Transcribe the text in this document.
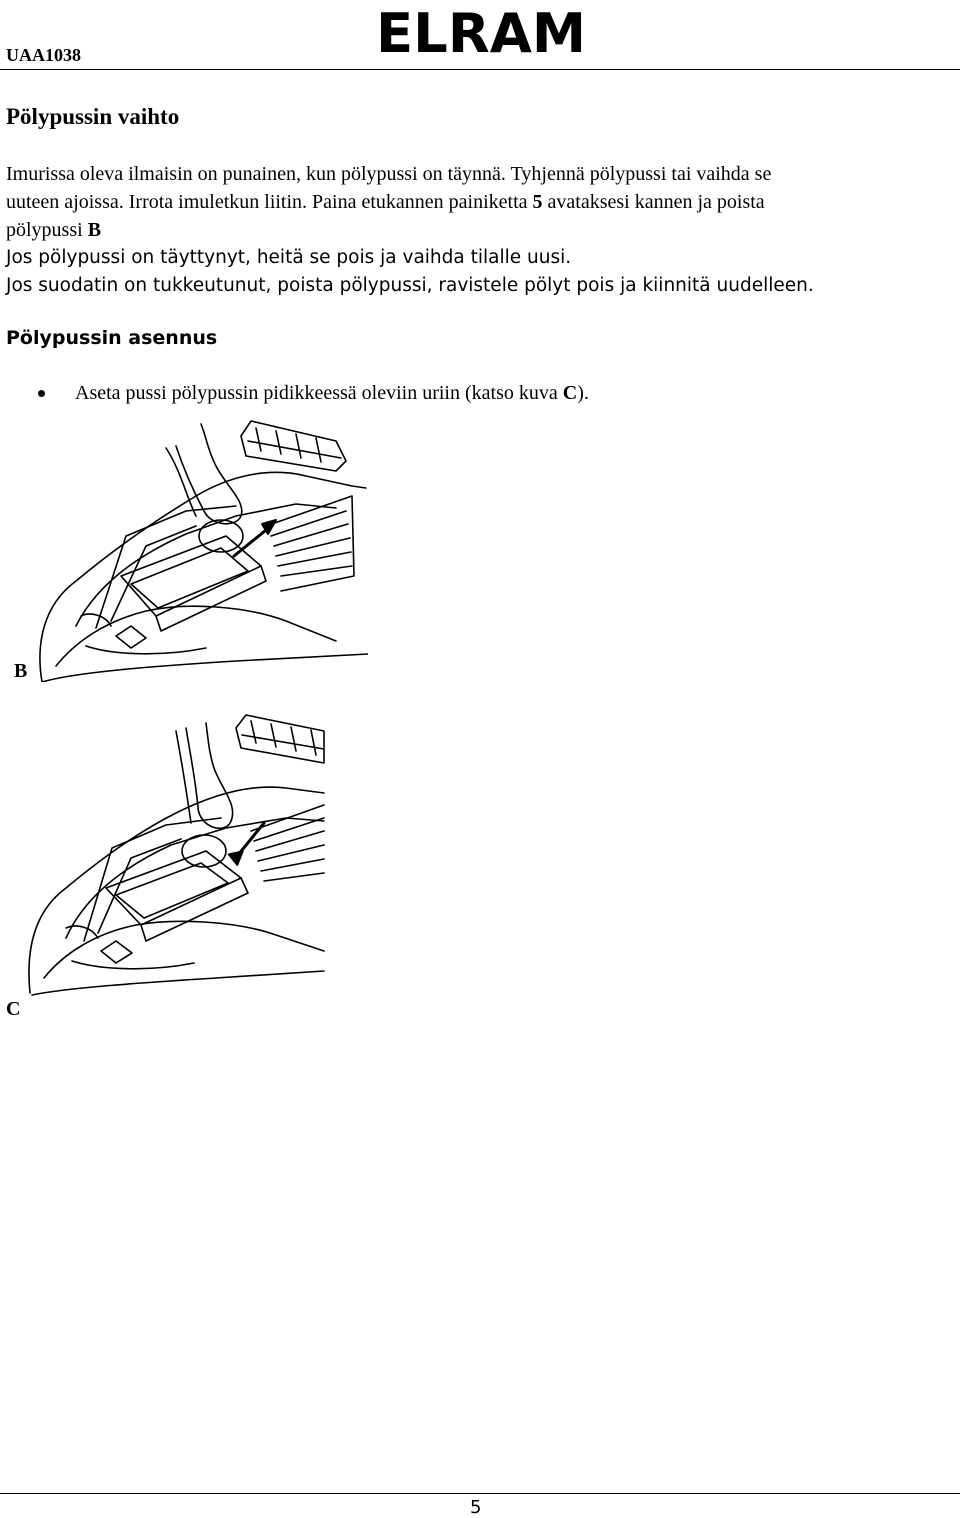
UAA1038	ELRAM
Pölypussin vaihto
Imurissa oleva ilmaisin on punainen, kun pölypussi on täynnä. Tyhjennä pölypussi tai vaihda se
uuteen ajoissa. Irrota imuletkun liitin. Paina etukannen painiketta 5 avataksesi kannen ja poista
pölypussi B
Jos pölypussi on täyttynyt, heitä se pois ja vaihda tilalle uusi.
Jos suodatin on tukkeutunut, poista pölypussi, ravistele pölyt pois ja kiinnitä uudelleen.
Pölypussin asennus
Aseta pussi pölypussin pidikkeessä oleviin uriin (katso kuva C).
B
C
5
